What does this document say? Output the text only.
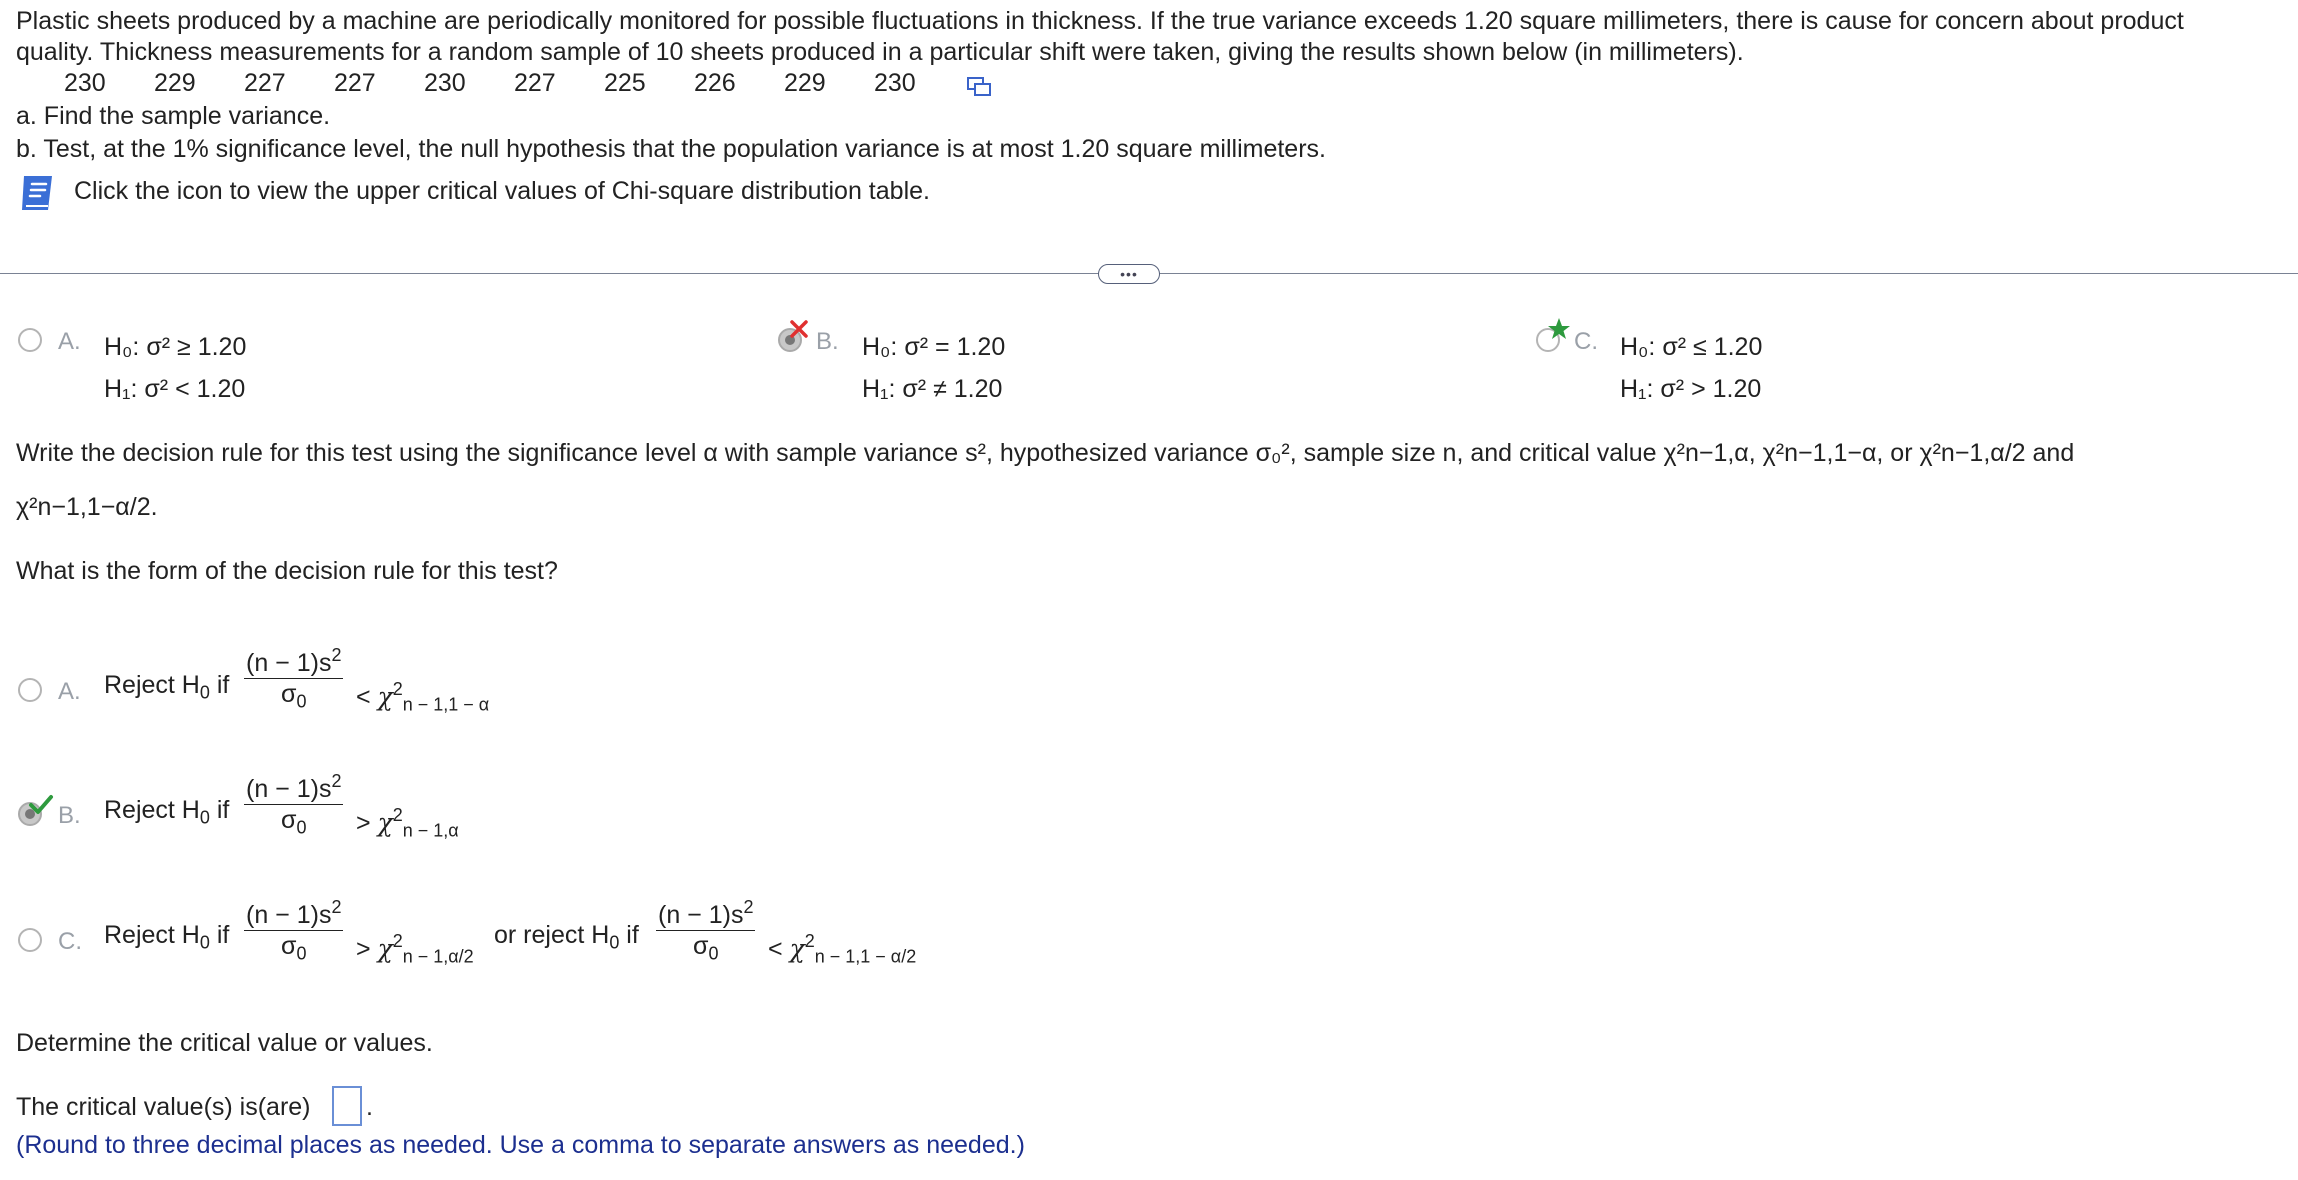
Plastic sheets produced by a machine are periodically monitored for possible fluctuations in thickness. If the true variance exceeds 1.20 square millimeters, there is cause for concern about product
quality. Thickness measurements for a random sample of 10 sheets produced in a particular shift were taken, giving the results shown below (in millimeters).
230	229	227	227	230	227	225	226	229	230
a. Find the sample variance.
b. Test, at the 1% significance level, the null hypothesis that the population variance is at most 1.20 square millimeters.
Click the icon to view the upper critical values of Chi-square distribution table.
•••
A. H₀: σ² ≥ 1.20
H₁: σ² < 1.20
B. H₀: σ² = 1.20
H₁: σ² ≠ 1.20
C. H₀: σ² ≤ 1.20
H₁: σ² > 1.20
Write the decision rule for this test using the significance level α with sample variance s², hypothesized variance σ₀², sample size n, and critical value χ²n−1,α, χ²n−1,1−α, or χ²n−1,α/2 and
χ²n−1,1−α/2.
What is the form of the decision rule for this test?
A. Reject $H_0$ if
$(n - 1)s^2$
$\sigma_0$	< $\chi^2_{n - 1,1 - \alpha}$
B. Reject $H_0$ if
$(n - 1)s^2$
$\sigma_0$	> $\chi^2_{n - 1,\alpha}$
C. Reject $H_0$ if
$(n - 1)s^2$
$\sigma_0$	> $\chi^2_{n - 1,\alpha/2}$
or reject $H_0$ if
$(n - 1)s^2$
$\sigma_0$	< $\chi^2_{n - 1,1 - \alpha/2}$
Determine the critical value or values.
The critical value(s) is(are) .
(Round to three decimal places as needed. Use a comma to separate answers as needed.)
